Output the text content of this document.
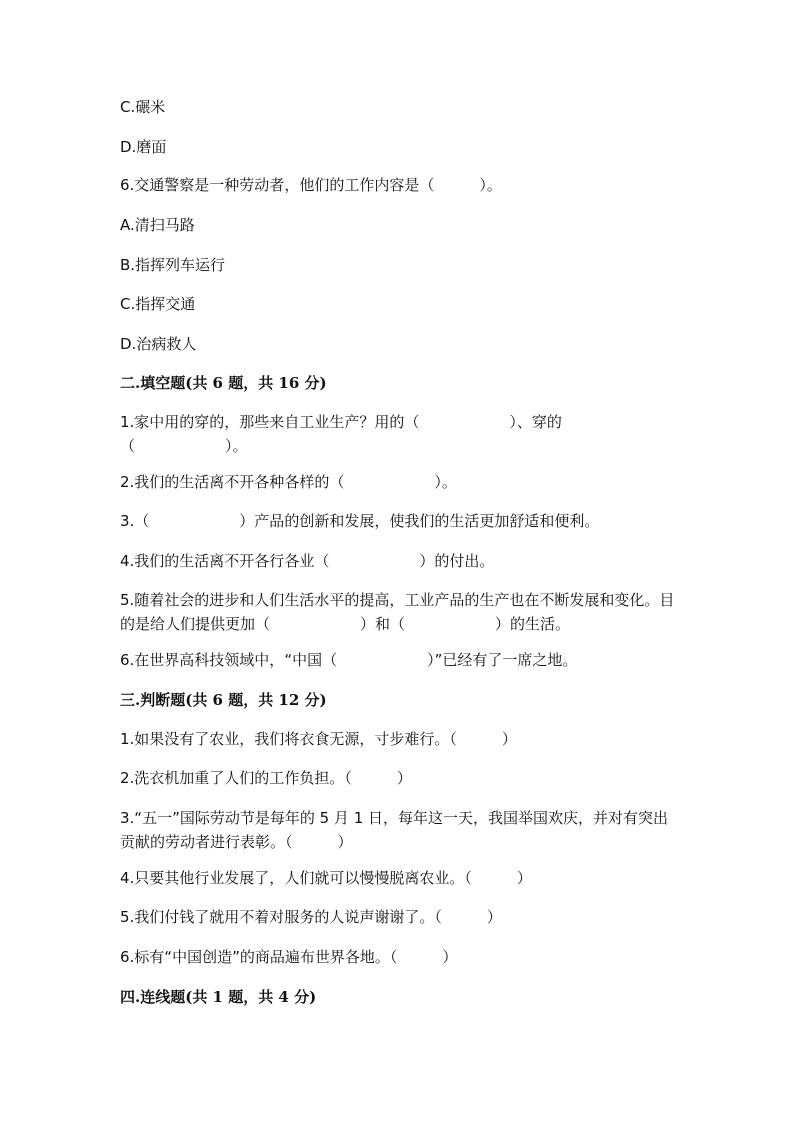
C.碾米
D.磨面
6.交通警察是一种劳动者，他们的工作内容是（　　　）。
A.清扫马路
B.指挥列车运行
C.指挥交通
D.治病救人
二.填空题(共 6 题，共 16 分)
1.家中用的穿的，那些来自工业生产？用的（　　　　　　）、穿的（　　　　　　）。
2.我们的生活离不开各种各样的（　　　　　　）。
3.（　　　　　　）产品的创新和发展，使我们的生活更加舒适和便利。
4.我们的生活离不开各行各业（　　　　　　）的付出。
5.随着社会的进步和人们生活水平的提高，工业产品的生产也在不断发展和变化。目的是给人们提供更加（　　　　　　）和（　　　　　　）的生活。
6.在世界高科技领域中，“中国（　　　　　　）”已经有了一席之地。
三.判断题(共 6 题，共 12 分)
1.如果没有了农业，我们将衣食无源，寸步难行。（　　　）
2.洗衣机加重了人们的工作负担。（　　　）
3.“五一”国际劳动节是每年的 5 月 1 日，每年这一天，我国举国欢庆，并对有突出贡献的劳动者进行表彰。（　　　）
4.只要其他行业发展了，人们就可以慢慢脱离农业。（　　　）
5.我们付钱了就用不着对服务的人说声谢谢了。（　　　）
6.标有“中国创造”的商品遍布世界各地。（　　　）
四.连线题(共 1 题，共 4 分)
